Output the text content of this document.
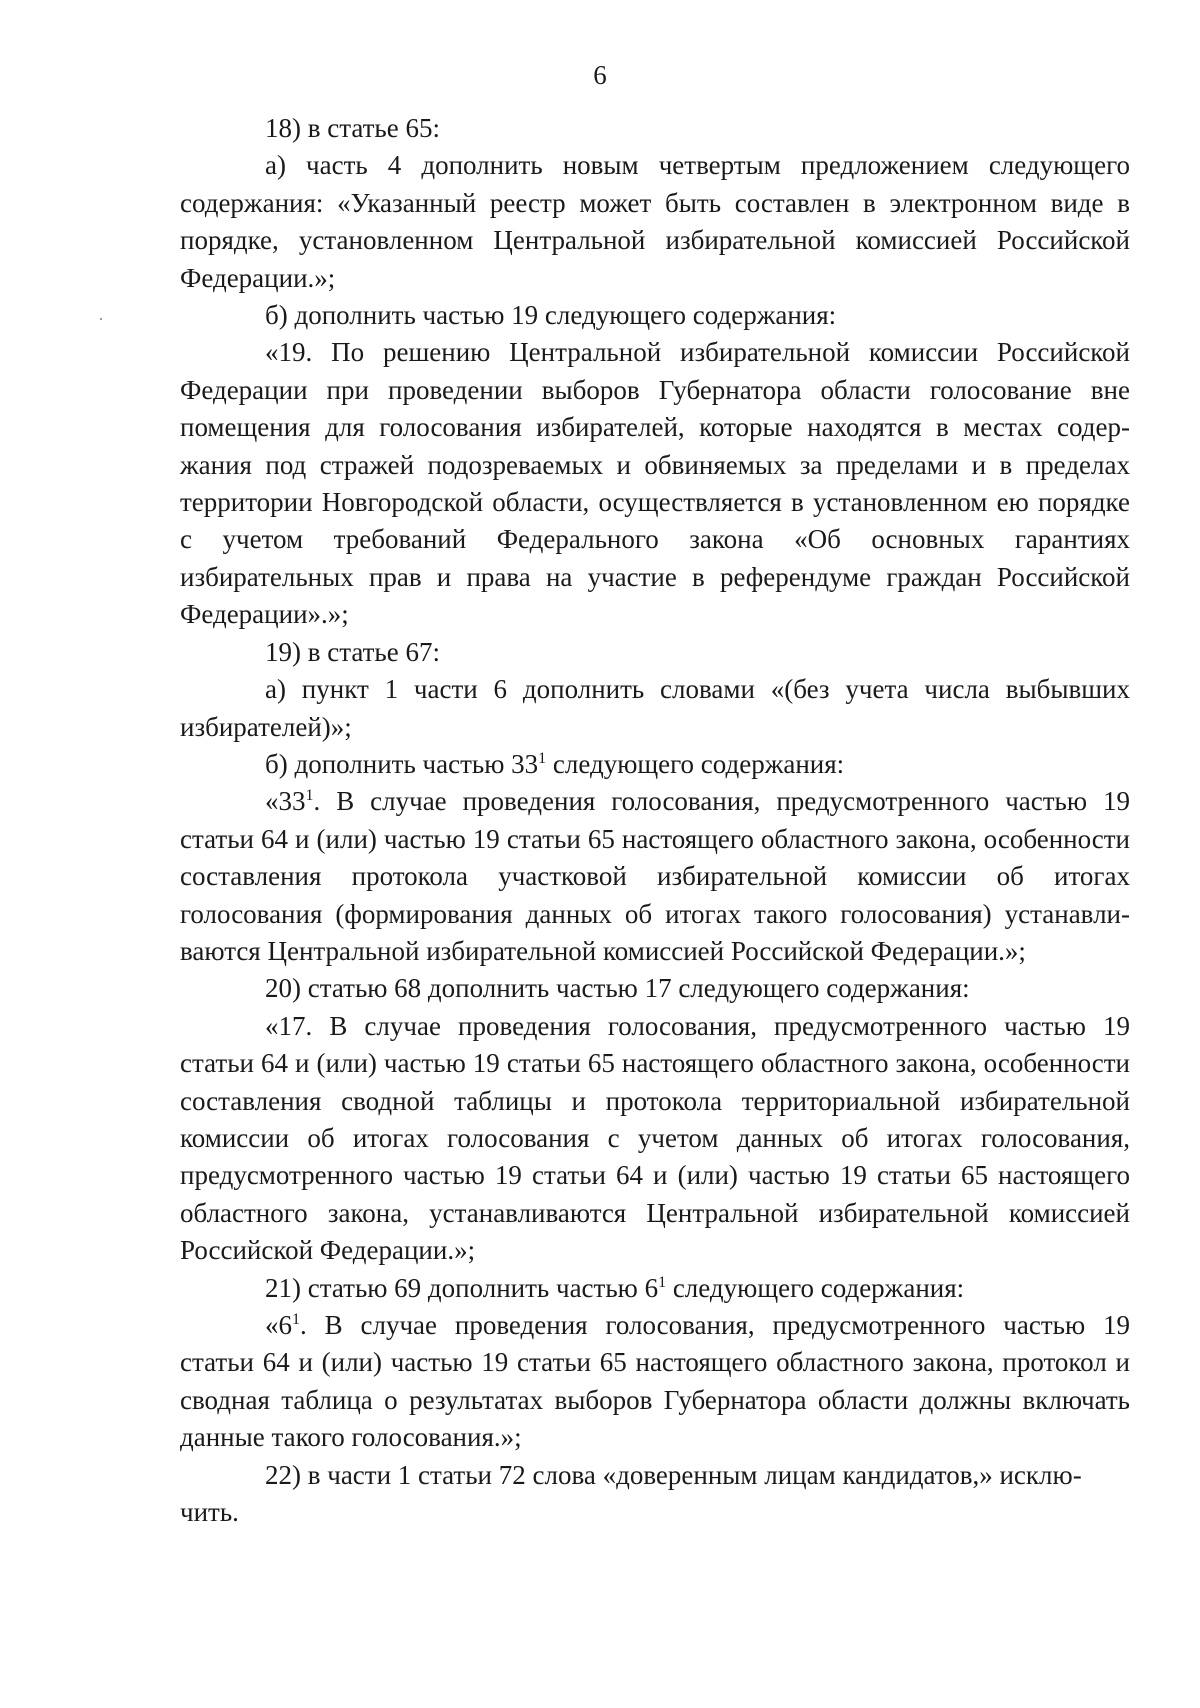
6

18) в статье 65:

а) часть 4 дополнить новым четвертым предложением следующего содержания: «Указанный реестр может быть составлен в электронном виде в порядке, установленном Центральной избирательной комиссией Российской Федерации.»;

б) дополнить частью 19 следующего содержания:

«19. По решению Центральной избирательной комиссии Российской Федерации при проведении выборов Губернатора области голосование вне помещения для голосования избирателей, которые находятся в местах содержания под стражей подозреваемых и обвиняемых за пределами и в пределах территории Новгородской области, осуществляется в установленном ею порядке с учетом требований Федерального закона «Об основных гарантиях избирательных прав и права на участие в референдуме граждан Российской Федерации».»;

19) в статье 67:

а) пункт 1 части 6 дополнить словами «(без учета числа выбывших избирателей)»;

б) дополнить частью $33^1$ следующего содержания:

«$33^1$. В случае проведения голосования, предусмотренного частью 19 статьи 64 и (или) частью 19 статьи 65 настоящего областного закона, особенности составления протокола участковой избирательной комиссии об итогах голосования (формирования данных об итогах такого голосования) устанавливаются Центральной избирательной комиссией Российской Федерации.»;

20) статью 68 дополнить частью 17 следующего содержания:

«17. В случае проведения голосования, предусмотренного частью 19 статьи 64 и (или) частью 19 статьи 65 настоящего областного закона, особенности составления сводной таблицы и протокола территориальной избирательной комиссии об итогах голосования с учетом данных об итогах голосования, предусмотренного частью 19 статьи 64 и (или) частью 19 статьи 65 настоящего областного закона, устанавливаются Центральной избирательной комиссией Российской Федерации.»;

21) статью 69 дополнить частью $6^1$ следующего содержания:

«$6^1$. В случае проведения голосования, предусмотренного частью 19 статьи 64 и (или) частью 19 статьи 65 настоящего областного закона, протокол и сводная таблица о результатах выборов Губернатора области должны включать данные такого голосования.»;

22) в части 1 статьи 72 слова «доверенным лицам кандидатов,» исключить.
